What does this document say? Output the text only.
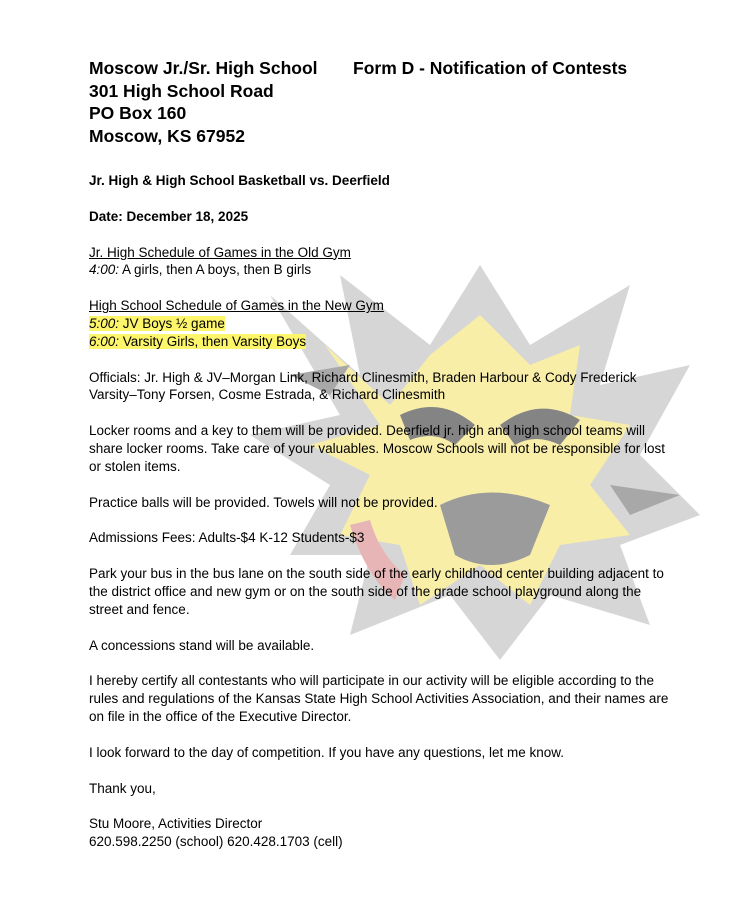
Moscow Jr./Sr. High School	Form D - Notification of Contests
301 High School Road
PO Box 160
Moscow, KS 67952

Jr. High & High School Basketball vs. Deerfield

Date: December 18, 2025

Jr. High Schedule of Games in the Old Gym

4:00: A girls, then A boys, then B girls

High School Schedule of Games in the New Gym

5:00: JV Boys ½ game

6:00: Varsity Girls, then Varsity Boys

Officials: Jr. High & JV–Morgan Link, Richard Clinesmith, Braden Harbour & Cody Frederick

Varsity–Tony Forsen, Cosme Estrada, & Richard Clinesmith

Locker rooms and a key to them will be provided. Deerfield jr. high and high school teams will share locker rooms. Take care of your valuables. Moscow Schools will not be responsible for lost or stolen items.

Practice balls will be provided. Towels will not be provided.

Admissions Fees: Adults-$4 K-12 Students-$3

Park your bus in the bus lane on the south side of the early childhood center building adjacent to the district office and new gym or on the south side of the grade school playground along the street and fence.

A concessions stand will be available.

I hereby certify all contestants who will participate in our activity will be eligible according to the rules and regulations of the Kansas State High School Activities Association, and their names are on file in the office of the Executive Director.

I look forward to the day of competition. If you have any questions, let me know.

Thank you,

Stu Moore, Activities Director

620.598.2250 (school) 620.428.1703 (cell)
